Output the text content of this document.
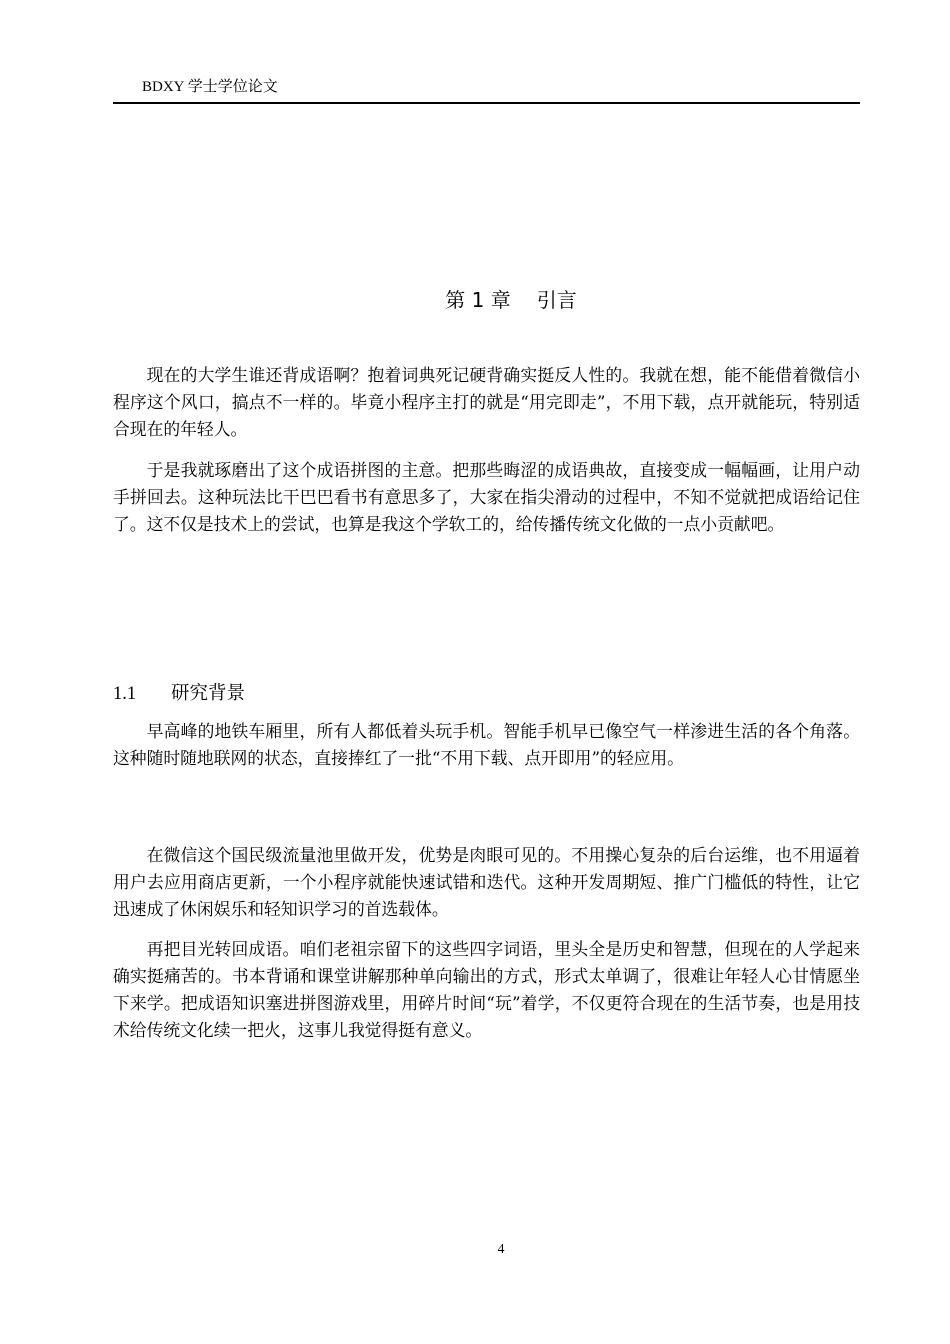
BDXY 学士学位论文
第 1 章 引言

现在的大学生谁还背成语啊？抱着词典死记硬背确实挺反人性的。我就在想，能不能借着微信小程序这个风口，搞点不一样的。毕竟小程序主打的就是“用完即走”，不用下载，点开就能玩，特别适合现在的年轻人。

于是我就琢磨出了这个成语拼图的主意。把那些晦涩的成语典故，直接变成一幅幅画，让用户动手拼回去。这种玩法比干巴巴看书有意思多了，大家在指尖滑动的过程中，不知不觉就把成语给记住了。这不仅是技术上的尝试，也算是我这个学软工的，给传播传统文化做的一点小贡献吧。

1.1 研究背景

早高峰的地铁车厢里，所有人都低着头玩手机。智能手机早已像空气一样渗进生活的各个角落。这种随时随地联网的状态，直接捧红了一批“不用下载、点开即用”的轻应用。

在微信这个国民级流量池里做开发，优势是肉眼可见的。不用操心复杂的后台运维，也不用逼着用户去应用商店更新，一个小程序就能快速试错和迭代。这种开发周期短、推广门槛低的特性，让它迅速成了休闲娱乐和轻知识学习的首选载体。

再把目光转回成语。咱们老祖宗留下的这些四字词语，里头全是历史和智慧，但现在的人学起来确实挺痛苦的。书本背诵和课堂讲解那种单向输出的方式，形式太单调了，很难让年轻人心甘情愿坐下来学。把成语知识塞进拼图游戏里，用碎片时间“玩”着学，不仅更符合现在的生活节奏，也是用技术给传统文化续一把火，这事儿我觉得挺有意义。

4
